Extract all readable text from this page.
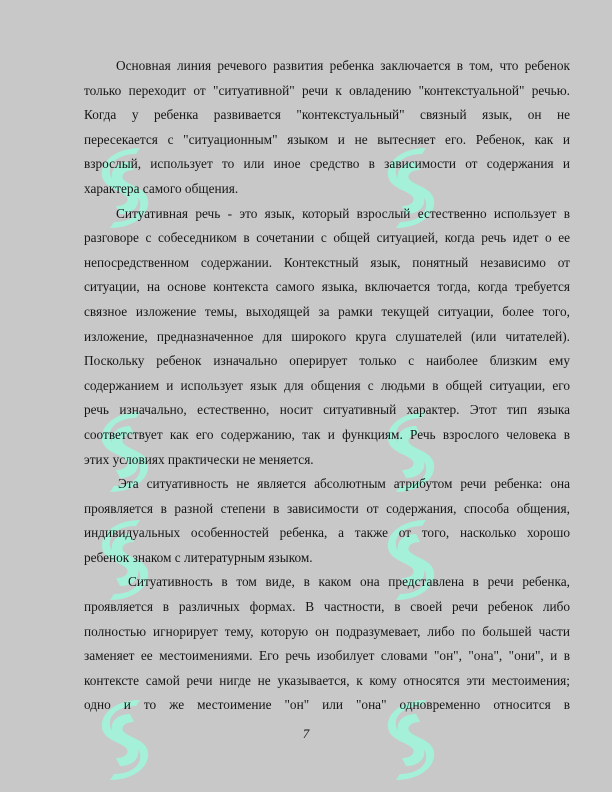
Основная линия речевого развития ребенка заключается в том, что ребенок
только переходит от "ситуативной" речи к овладению "контекстуальной" речью.
Когда у ребенка развивается "контекстуальный" связный язык, он не
пересекается с "ситуационным" языком и не вытесняет его. Ребенок, как и
взрослый, использует то или иное средство в зависимости от содержания и
характера самого общения.
Ситуативная речь - это язык, который взрослый естественно использует в
разговоре с собеседником в сочетании с общей ситуацией, когда речь идет о ее
непосредственном содержании. Контекстный язык, понятный независимо от
ситуации, на основе контекста самого языка, включается тогда, когда требуется
связное изложение темы, выходящей за рамки текущей ситуации, более того,
изложение, предназначенное для широкого круга слушателей (или читателей).
Поскольку ребенок изначально оперирует только с наиболее близким ему
содержанием и использует язык для общения с людьми в общей ситуации, его
речь изначально, естественно, носит ситуативный характер. Этот тип языка
соответствует как его содержанию, так и функциям. Речь взрослого человека в
этих условиях практически не меняется.
Эта ситуативность не является абсолютным атрибутом речи ребенка: она
проявляется в разной степени в зависимости от содержания, способа общения,
индивидуальных особенностей ребенка, а также от того, насколько хорошо
ребенок знаком с литературным языком.
Ситуативность в том виде, в каком она представлена в речи ребенка,
проявляется в различных формах. В частности, в своей речи ребенок либо
полностью игнорирует тему, которую он подразумевает, либо по большей части
заменяет ее местоимениями. Его речь изобилует словами "он", "она", "они", и в
контексте самой речи нигде не указывается, к кому относятся эти местоимения;
одно и то же местоимение "он" или "она" одновременно относится в
7
